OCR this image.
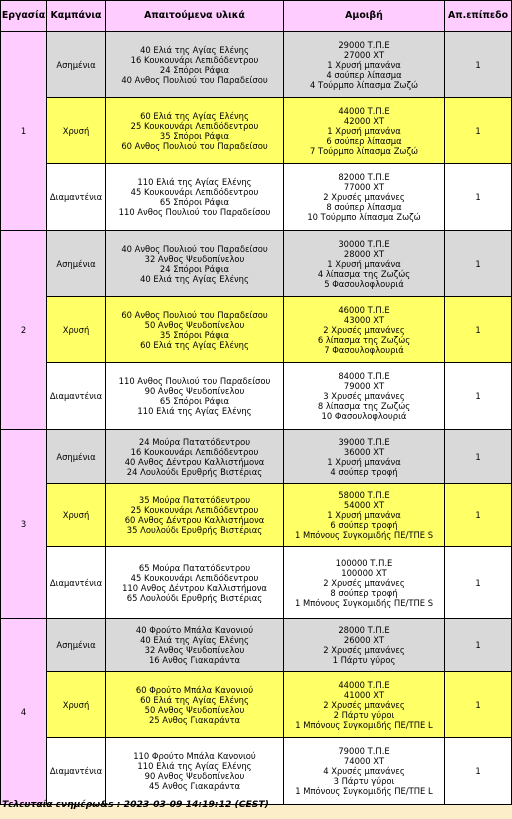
Εργασία	Καμπάνια	Απαιτούμενα υλικά	Αμοιβή	Απ.επίπεδο
1	Ασημένια	40 Ελιά της Αγίας Ελένης
16 Κουκουνάρι Λεπιδόδεντρου
24 Σπόροι Ράφια
40 Ανθος Πουλιού του Παραδείσου	29000 Τ.Π.Ε
27000 ΧΤ
1 Χρυσή μπανάνα
4 σούπερ λίπασμα
4 Τούρμπο λίπασμα Ζωζώ	1
	Χρυσή	60 Ελιά της Αγίας Ελένης
25 Κουκουνάρι Λεπιδόδεντρου
35 Σπόροι Ράφια
60 Ανθος Πουλιού του Παραδείσου	44000 Τ.Π.Ε
42000 ΧΤ
1 Χρυσή μπανάνα
6 σούπερ λίπασμα
7 Τούρμπο λίπασμα Ζωζώ	1
	Διαμαντένια	110 Ελιά της Αγίας Ελένης
45 Κουκουνάρι Λεπιδόδεντρου
65 Σπόροι Ράφια
110 Ανθος Πουλιού του Παραδείσου	82000 Τ.Π.Ε
77000 ΧΤ
2 Χρυσές μπανάνες
8 σούπερ λίπασμα
10 Τούρμπο λίπασμα Ζωζώ	1
2	Ασημένια	40 Ανθος Πουλιού του Παραδείσου
32 Ανθος Ψευδοπίνελου
24 Σπόροι Ράφια
40 Ελιά της Αγίας Ελένης	30000 Τ.Π.Ε
28000 ΧΤ
1 Χρυσή μπανάνα
4 λίπασμα της Ζωζώς
5 Φασουλοφλουριά	1
	Χρυσή	60 Ανθος Πουλιού του Παραδείσου
50 Ανθος Ψευδοπίνελου
35 Σπόροι Ράφια
60 Ελιά της Αγίας Ελένης	46000 Τ.Π.Ε
43000 ΧΤ
2 Χρυσές μπανάνες
6 λίπασμα της Ζωζώς
7 Φασουλοφλουριά	1
	Διαμαντένια	110 Ανθος Πουλιού του Παραδείσου
90 Ανθος Ψευδοπίνελου
65 Σπόροι Ράφια
110 Ελιά της Αγίας Ελένης	84000 Τ.Π.Ε
79000 ΧΤ
3 Χρυσές μπανάνες
8 λίπασμα της Ζωζώς
10 Φασουλοφλουριά	1
3	Ασημένια	24 Μούρα Πατατόδεντρου
16 Κουκουνάρι Λεπιδόδεντρου
40 Ανθος Δέντρου Καλλιστήμονα
24 Λουλούδι Ερυθρής Βιστέριας	39000 Τ.Π.Ε
36000 ΧΤ
1 Χρυσή μπανάνα
4 σούπερ τροφή	1
	Χρυσή	35 Μούρα Πατατόδεντρου
25 Κουκουνάρι Λεπιδόδεντρου
60 Ανθος Δέντρου Καλλιστήμονα
35 Λουλούδι Ερυθρής Βιστέριας	58000 Τ.Π.Ε
54000 ΧΤ
1 Χρυσή μπανάνα
6 σούπερ τροφή
1 Μπόνους Συγκομιδής ΠΕ/ΤΠΕ S	1
	Διαμαντένια	65 Μούρα Πατατόδεντρου
45 Κουκουνάρι Λεπιδόδεντρου
110 Ανθος Δέντρου Καλλιστήμονα
65 Λουλούδι Ερυθρής Βιστέριας	100000 Τ.Π.Ε
100000 ΧΤ
2 Χρυσές μπανάνες
8 σούπερ τροφή
1 Μπόνους Συγκομιδής ΠΕ/ΤΠΕ S	1
4	Ασημένια	40 Φρούτο Μπάλα Κανονιού
40 Ελιά της Αγίας Ελένης
32 Ανθος Ψευδοπίνελου
16 Ανθος Γιακαράντα	28000 Τ.Π.Ε
26000 ΧΤ
2 Χρυσές μπανάνες
1 Πάρτυ γύρος	1
	Χρυσή	60 Φρούτο Μπάλα Κανονιού
60 Ελιά της Αγίας Ελένης
50 Ανθος Ψευδοπίνελου
25 Ανθος Γιακαράντα	44000 Τ.Π.Ε
41000 ΧΤ
2 Χρυσές μπανάνες
2 Πάρτυ γύροι
1 Μπόνους Συγκομιδής ΠΕ/ΤΠΕ L	1
	Διαμαντένια	110 Φρούτο Μπάλα Κανονιού
110 Ελιά της Αγίας Ελένης
90 Ανθος Ψευδοπίνελου
45 Ανθος Γιακαράντα	79000 Τ.Π.Ε
74000 ΧΤ
4 Χρυσές μπανάνες
3 Πάρτυ γύροι
1 Μπόνους Συγκομιδής ΠΕ/ΤΠΕ L	1
Τελευταία ενημέρω&s : 2023-03-09 14:19:12 (CEST)
